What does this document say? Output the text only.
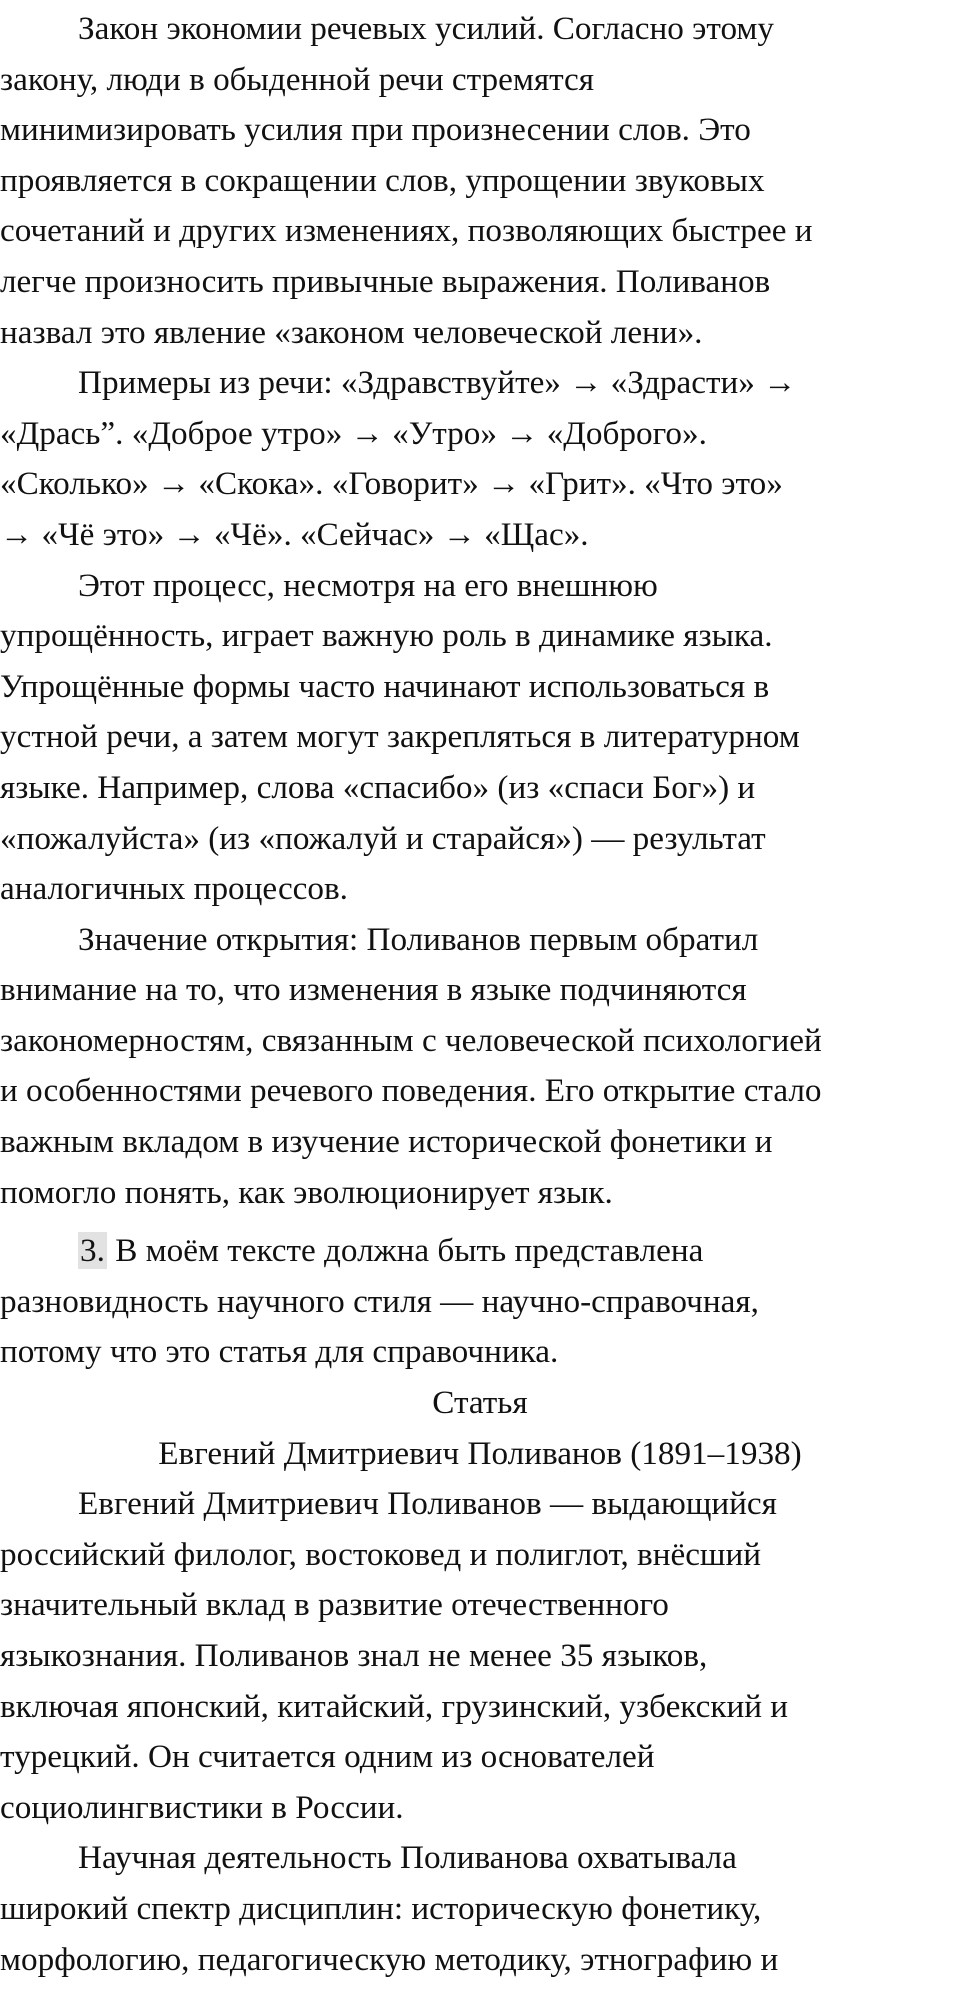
Закон экономии речевых усилий. Согласно этому
закону, люди в обыденной речи стремятся
минимизировать усилия при произнесении слов. Это
проявляется в сокращении слов, упрощении звуковых
сочетаний и других изменениях, позволяющих быстрее и
легче произносить привычные выражения. Поливанов
назвал это явление «законом человеческой лени».
Примеры из речи: «Здравствуйте» → «Здрасти» →
«Драсьˮ. «Доброе утро» → «Утро» → «Доброго».
«Сколько» → «Скока». «Говорит» → «Грит». «Что это»
→ «Чё это» → «Чё». «Сейчас» → «Щас».
Этот процесс, несмотря на его внешнюю
упрощённость, играет важную роль в динамике языка.
Упрощённые формы часто начинают использоваться в
устной речи, а затем могут закрепляться в литературном
языке. Например, слова «спасибо» (из «спаси Бог») и
«пожалуйста» (из «пожалуй и старайся») — результат
аналогичных процессов.
Значение открытия: Поливанов первым обратил
внимание на то, что изменения в языке подчиняются
закономерностям, связанным с человеческой психологией
и особенностями речевого поведения. Его открытие стало
важным вкладом в изучение исторической фонетики и
помогло понять, как эволюционирует язык.
3. В моём тексте должна быть представлена
разновидность научного стиля — научно-справочная,
потому что это статья для справочника.
Статья
Евгений Дмитриевич Поливанов (1891–1938)
Евгений Дмитриевич Поливанов — выдающийся
российский филолог, востоковед и полиглот, внёсший
значительный вклад в развитие отечественного
языкознания. Поливанов знал не менее 35 языков,
включая японский, китайский, грузинский, узбекский и
турецкий. Он считается одним из основателей
социолингвистики в России.
Научная деятельность Поливанова охватывала
широкий спектр дисциплин: историческую фонетику,
морфологию, педагогическую методику, этнографию и
